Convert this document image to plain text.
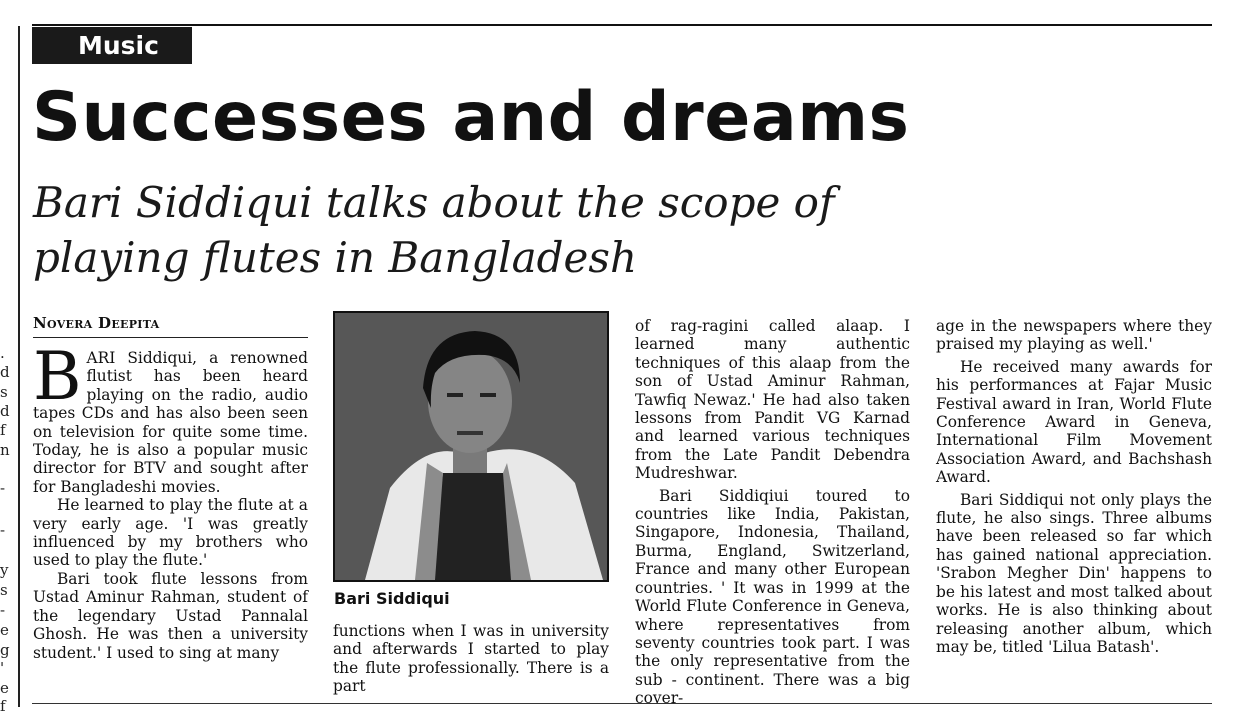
.
d
s
d
f
n
-
-
y
s
-
e
g
'
e
f
Music
Successes and dreams
Bari Siddiqui talks about the scope of playing flutes in Bangladesh
Novera Deepita

BARI Siddiqui, a renowned flutist has been heard playing on the radio, audio tapes CDs and has also been seen on television for quite some time. Today, he is also a popular music director for BTV and sought after for Bangladeshi movies.

He learned to play the flute at a very early age. 'I was greatly influenced by my brothers who used to play the flute.'

Bari took flute lessons from Ustad Aminur Rahman, student of the legendary Ustad Pannalal Ghosh. He was then a university student.' I used to sing at many

Bari Siddiqui

functions when I was in university and afterwards I started to play the flute professionally. There is a part

of rag-ragini called alaap. I learned many authentic techniques of this alaap from the son of Ustad Aminur Rahman, Tawfiq Newaz.' He had also taken lessons from Pandit VG Karnad and learned various techniques from the Late Pandit Debendra Mudreshwar.

Bari Siddiqiui toured to countries like India, Pakistan, Singapore, Indonesia, Thailand, Burma, England, Switzerland, France and many other European countries. ' It was in 1999 at the World Flute Conference in Geneva, where representatives from seventy countries took part. I was the only representative from the sub - continent. There was a big cover-

age in the newspapers where they praised my playing as well.'

He received many awards for his performances at Fajar Music Festival award in Iran, World Flute Conference Award in Geneva, International Film Movement Association Award, and Bachshash Award.

Bari Siddiqui not only plays the flute, he also sings. Three albums have been released so far which has gained national appreciation. 'Srabon Megher Din' happens to be his latest and most talked about works. He is also thinking about releasing another album, which may be, titled 'Lilua Batash'.
